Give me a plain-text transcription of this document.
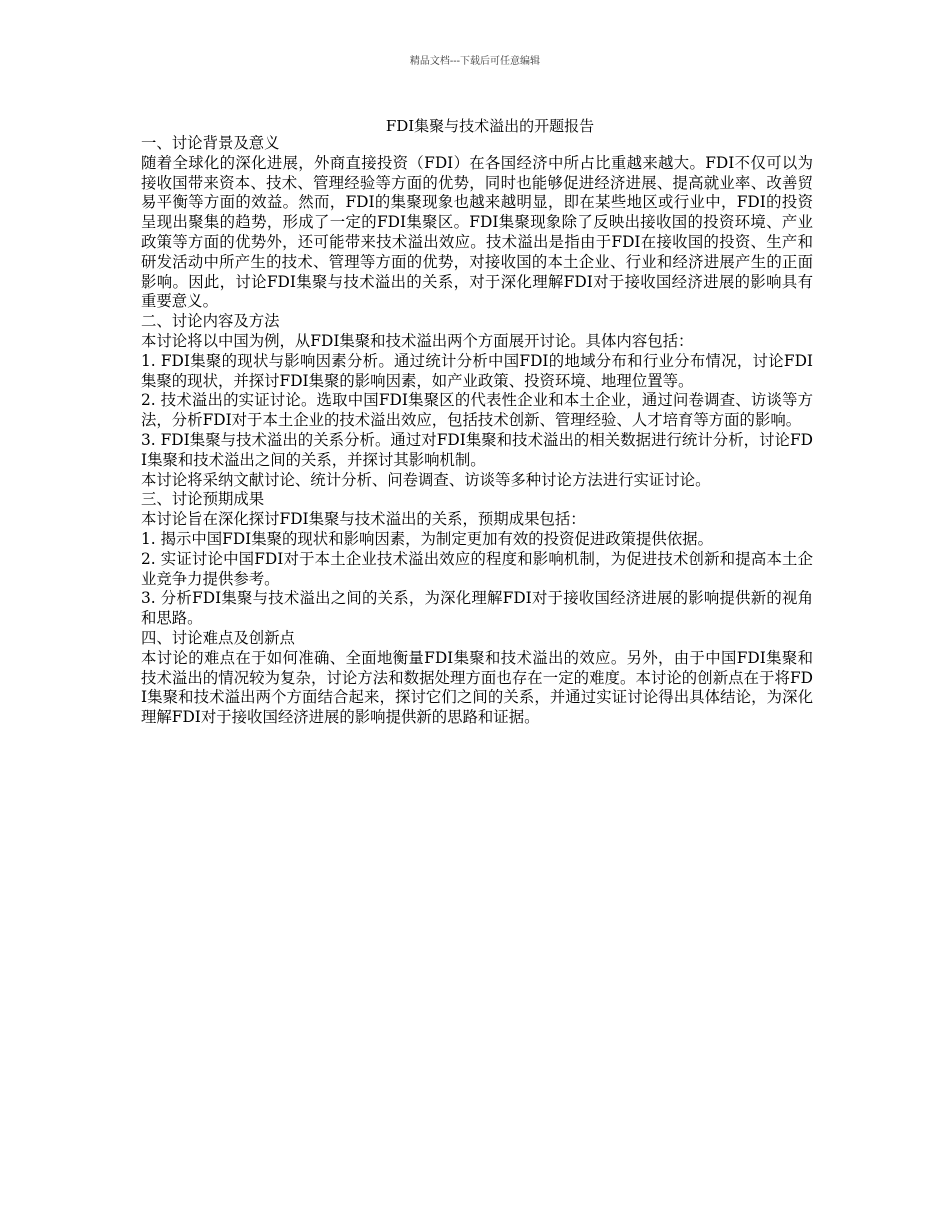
精品文档---下载后可任意编辑
FDI集聚与技术溢出的开题报告
一、讨论背景及意义

随着全球化的深化进展，外商直接投资（FDI）在各国经济中所占比重越来越大。FDI不仅可以为接收国带来资本、技术、管理经验等方面的优势，同时也能够促进经济进展、提高就业率、改善贸易平衡等方面的效益。然而，FDI的集聚现象也越来越明显，即在某些地区或行业中，FDI的投资呈现出聚集的趋势，形成了一定的FDI集聚区。FDI集聚现象除了反映出接收国的投资环境、产业政策等方面的优势外，还可能带来技术溢出效应。技术溢出是指由于FDI在接收国的投资、生产和研发活动中所产生的技术、管理等方面的优势，对接收国的本土企业、行业和经济进展产生的正面影响。因此，讨论FDI集聚与技术溢出的关系，对于深化理解FDI对于接收国经济进展的影响具有重要意义。

二、讨论内容及方法

本讨论将以中国为例，从FDI集聚和技术溢出两个方面展开讨论。具体内容包括：

1. FDI集聚的现状与影响因素分析。通过统计分析中国FDI的地域分布和行业分布情况，讨论FDI集聚的现状，并探讨FDI集聚的影响因素，如产业政策、投资环境、地理位置等。

2. 技术溢出的实证讨论。选取中国FDI集聚区的代表性企业和本土企业，通过问卷调查、访谈等方法，分析FDI对于本土企业的技术溢出效应，包括技术创新、管理经验、人才培育等方面的影响。

3. FDI集聚与技术溢出的关系分析。通过对FDI集聚和技术溢出的相关数据进行统计分析，讨论FDI集聚和技术溢出之间的关系，并探讨其影响机制。

本讨论将采纳文献讨论、统计分析、问卷调查、访谈等多种讨论方法进行实证讨论。

三、讨论预期成果

本讨论旨在深化探讨FDI集聚与技术溢出的关系，预期成果包括：

1. 揭示中国FDI集聚的现状和影响因素，为制定更加有效的投资促进政策提供依据。

2. 实证讨论中国FDI对于本土企业技术溢出效应的程度和影响机制，为促进技术创新和提高本土企业竞争力提供参考。

3. 分析FDI集聚与技术溢出之间的关系，为深化理解FDI对于接收国经济进展的影响提供新的视角和思路。

四、讨论难点及创新点

本讨论的难点在于如何准确、全面地衡量FDI集聚和技术溢出的效应。另外，由于中国FDI集聚和技术溢出的情况较为复杂，讨论方法和数据处理方面也存在一定的难度。本讨论的创新点在于将FDI集聚和技术溢出两个方面结合起来，探讨它们之间的关系，并通过实证讨论得出具体结论，为深化理解FDI对于接收国经济进展的影响提供新的思路和证据。
